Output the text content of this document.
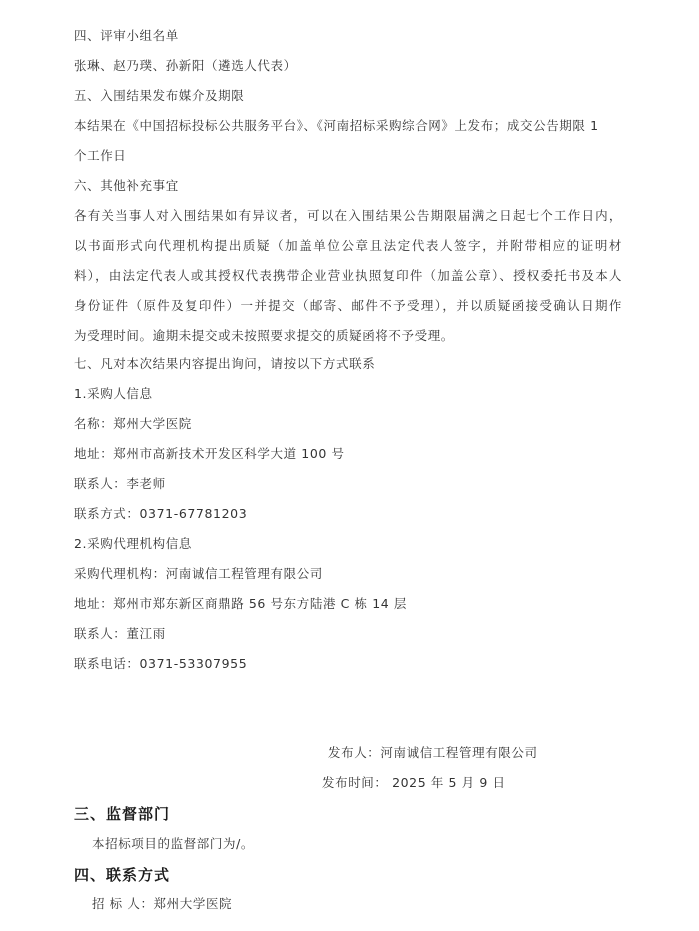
四、评审小组名单
张琳、赵乃璞、孙新阳（遴选人代表）
五、入围结果发布媒介及期限
本结果在《中国招标投标公共服务平台》、《河南招标采购综合网》上发布；成交公告期限 1
个工作日
六、其他补充事宜
各有关当事人对入围结果如有异议者，可以在入围结果公告期限届满之日起七个工作日内，
以书面形式向代理机构提出质疑（加盖单位公章且法定代表人签字，并附带相应的证明材
料），由法定代表人或其授权代表携带企业营业执照复印件（加盖公章）、授权委托书及本人
身份证件（原件及复印件）一并提交（邮寄、邮件不予受理），并以质疑函接受确认日期作
为受理时间。逾期未提交或未按照要求提交的质疑函将不予受理。
七、凡对本次结果内容提出询问，请按以下方式联系
1.采购人信息
名称：郑州大学医院
地址：郑州市高新技术开发区科学大道 100 号
联系人：李老师
联系方式：0371-67781203
2.采购代理机构信息
采购代理机构：河南诚信工程管理有限公司
地址：郑州市郑东新区商鼎路 56 号东方陆港 C 栋 14 层
联系人：董江雨
联系电话：0371-53307955
发布人：河南诚信工程管理有限公司
发布时间： 2025 年 5 月 9 日
三、监督部门
本招标项目的监督部门为/。
四、联系方式
招 标 人：郑州大学医院
